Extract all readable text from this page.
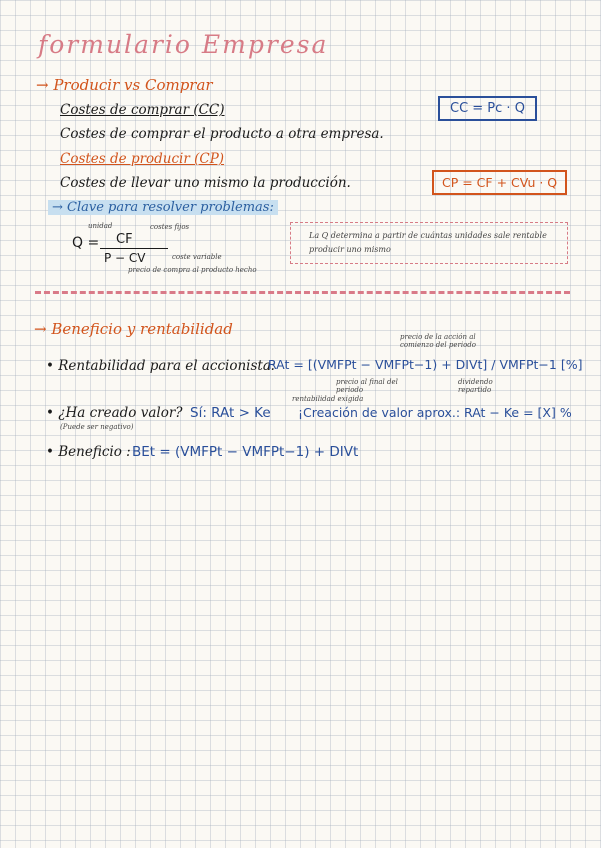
formulario Empresa
→ Producir vs Comprar
Costes de comprar (CC)	CC = Pc · Q
Costes de comprar el producto a otra empresa.
Costes de producir (CP)
Costes de llevar uno mismo la producción.	CP = CF + CVu · Q
→ Clave para resolver problemas:
unidad	costes fijos
Q = CF
P − CV	coste variable
precio de compra al producto hecho
La Q determina a partir de cuántas unidades sale rentable producir uno mismo
→ Beneficio y rentabilidad	precio de la acción al comienzo del periodo
• Rentabilidad para el accionista:
RAt = [(VMFPt − VMFPt−1) + DIVt] / VMFPt−1 [%]
precio al final del periodo
dividendo repartido
rentabilidad exigida
• ¿Ha creado valor? Sí: RAt > Ke ¡Creación de valor aprox.: RAt − Ke = [X] %
(Puede ser negativo)
• Beneficio : BEt = (VMFPt − VMFPt−1) + DIVt
